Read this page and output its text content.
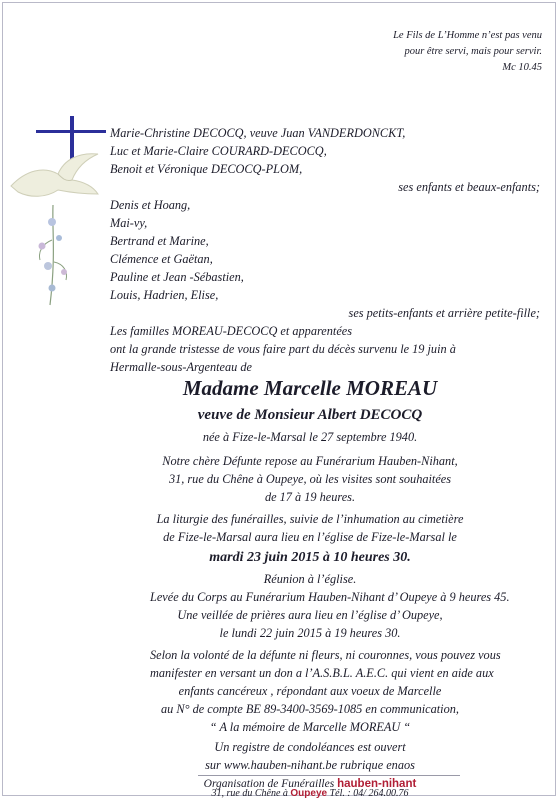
Le Fils de L’Homme n’est pas venu
pour être servi, mais pour servir.
Mc 10.45
Marie-Christine DECOCQ, veuve Juan VANDERDONCKT,
Luc et Marie-Claire COURARD-DECOCQ,
Benoit et Véronique DECOCQ-PLOM,
ses enfants et beaux-enfants;
Denis et Hoang,
Mai-vy,
Bertrand et Marine,
Clémence et Gaëtan,
Pauline et Jean -Sébastien,
Louis, Hadrien, Elise,
ses petits-enfants et arrière petite-fille;
Les familles MOREAU-DECOCQ et apparentées
ont la grande tristesse de vous faire part du décès survenu le 19 juin à
Hermalle-sous-Argenteau de
Madame Marcelle MOREAU
veuve de Monsieur Albert DECOCQ
née à Fize-le-Marsal le 27 septembre 1940.
Notre chère Défunte repose au Funérarium Hauben-Nihant,
31, rue du Chêne à Oupeye, où les visites sont souhaitées
de 17 à 19 heures.
La liturgie des funérailles, suivie de l’inhumation au cimetière
de Fize-le-Marsal aura lieu en l’église de Fize-le-Marsal le
mardi 23 juin 2015 à 10 heures 30.
Réunion à l’église.
Levée du Corps au Funérarium Hauben-Nihant d’ Oupeye à 9 heures 45.
Une veillée de prières aura lieu en l’église d’ Oupeye,
le lundi 22 juin 2015 à 19 heures 30.
Selon la volonté de la défunte ni fleurs, ni couronnes, vous pouvez vous
manifester en versant un don a l’A.S.B.L. A.E.C. qui vient en aide aux
enfants cancéreux , répondant aux voeux de Marcelle
au N° de compte BE 89-3400-3569-1085 en communication,
“ A la mémoire de Marcelle MOREAU “
Un registre de condoléances est ouvert
sur www.hauben-nihant.be rubrique enaos
Organisation de Funérailles hauben-nihant
31, rue du Chêne à Oupeye Tél. : 04/ 264.00.76
